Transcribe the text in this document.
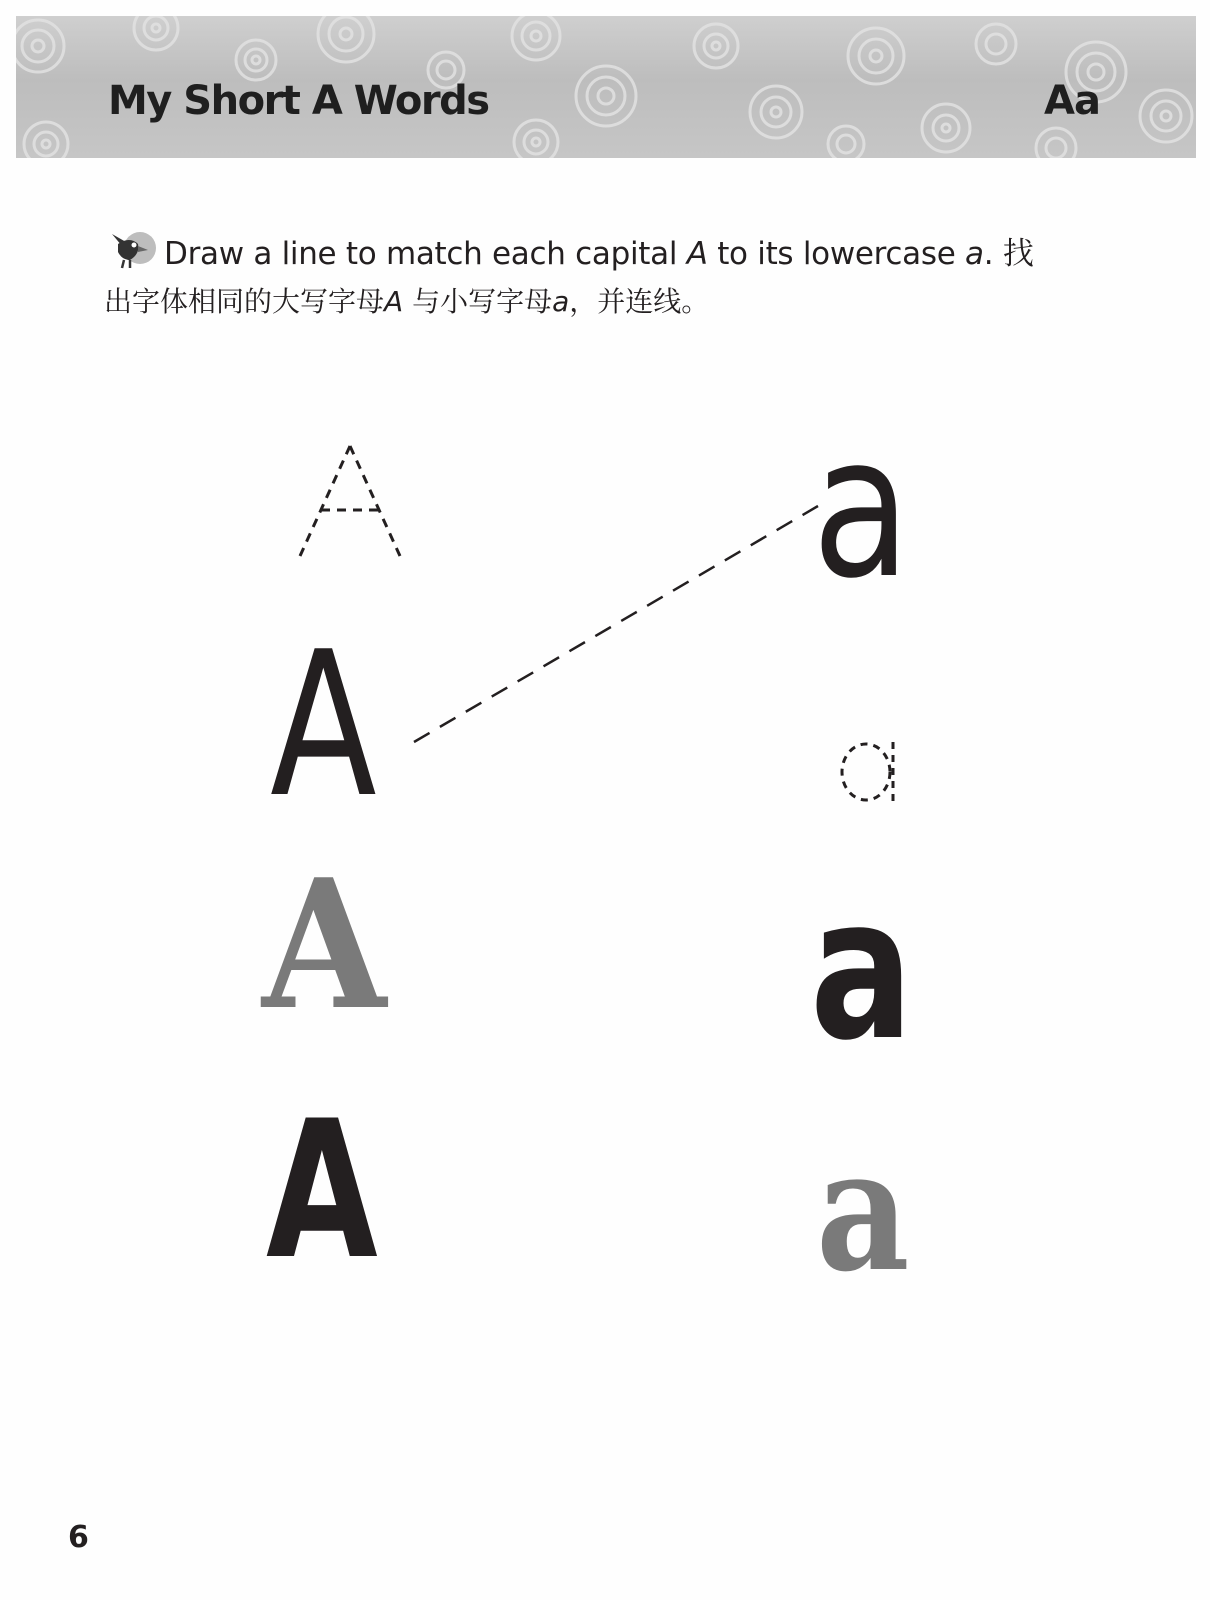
My Short A Words	Aa
Draw a line to match each capital A to its lowercase a. 找
出字体相同的大写字母A 与小写字母a，并连线。
A
A
A
a
a
a
6
